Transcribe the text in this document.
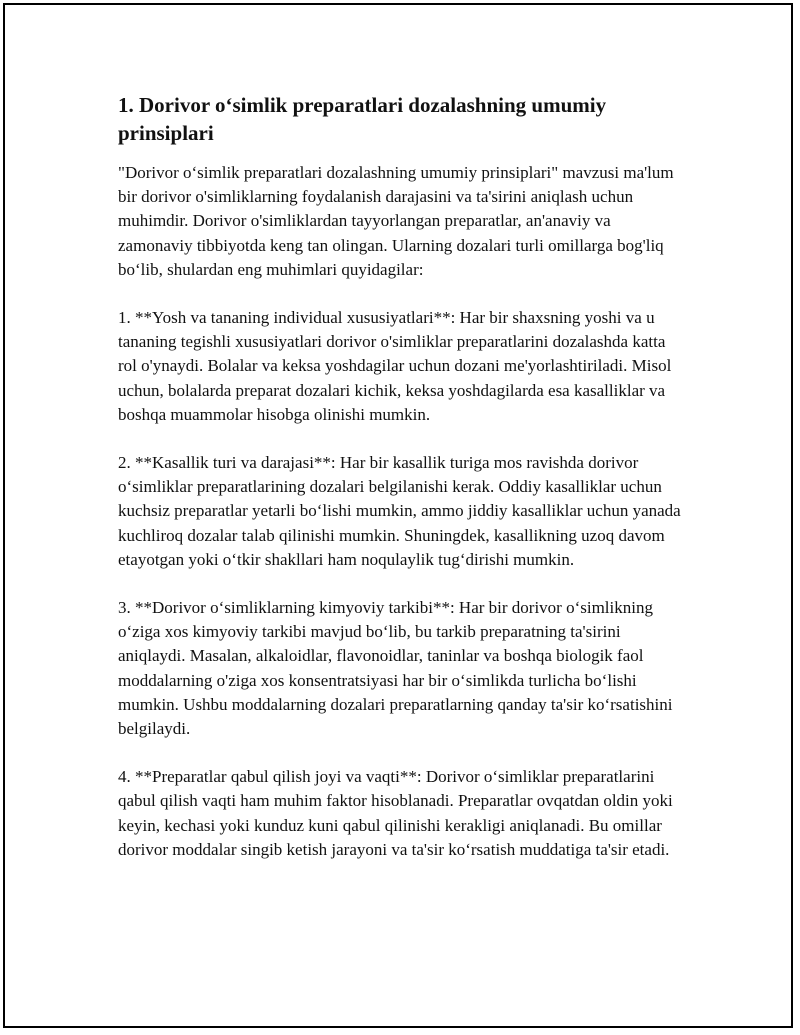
1. Dorivor o‘simlik preparatlari dozalashning umumiy prinsiplari

"Dorivor o‘simlik preparatlari dozalashning umumiy prinsiplari" mavzusi ma'lum bir dorivor o'simliklarning foydalanish darajasini va ta'sirini aniqlash uchun muhimdir. Dorivor o'simliklardan tayyorlangan preparatlar, an'anaviy va zamonaviy tibbiyotda keng tan olingan. Ularning dozalari turli omillarga bog'liq bo‘lib, shulardan eng muhimlari quyidagilar:

1. **Yosh va tananing individual xususiyatlari**: Har bir shaxsning yoshi va u tananing tegishli xususiyatlari dorivor o'simliklar preparatlarini dozalashda katta rol o'ynaydi. Bolalar va keksa yoshdagilar uchun dozani me'yorlashtiriladi. Misol uchun, bolalarda preparat dozalari kichik, keksa yoshdagilarda esa kasalliklar va boshqa muammolar hisobga olinishi mumkin.

2. **Kasallik turi va darajasi**: Har bir kasallik turiga mos ravishda dorivor o‘simliklar preparatlarining dozalari belgilanishi kerak. Oddiy kasalliklar uchun kuchsiz preparatlar yetarli bo‘lishi mumkin, ammo jiddiy kasalliklar uchun yanada kuchliroq dozalar talab qilinishi mumkin. Shuningdek, kasallikning uzoq davom etayotgan yoki o‘tkir shakllari ham noqulaylik tug‘dirishi mumkin.

3. **Dorivor o‘simliklarning kimyoviy tarkibi**: Har bir dorivor o‘simlikning o‘ziga xos kimyoviy tarkibi mavjud bo‘lib, bu tarkib preparatning ta'sirini aniqlaydi. Masalan, alkaloidlar, flavonoidlar, taninlar va boshqa biologik faol moddalarning o'ziga xos konsentratsiyasi har bir o‘simlikda turlicha bo‘lishi mumkin. Ushbu moddalarning dozalari preparatlarning qanday ta'sir ko‘rsatishini belgilaydi.

4. **Preparatlar qabul qilish joyi va vaqti**: Dorivor o‘simliklar preparatlarini qabul qilish vaqti ham muhim faktor hisoblanadi. Preparatlar ovqatdan oldin yoki keyin, kechasi yoki kunduz kuni qabul qilinishi kerakligi aniqlanadi. Bu omillar dorivor moddalar singib ketish jarayoni va ta'sir ko‘rsatish muddatiga ta'sir etadi.
